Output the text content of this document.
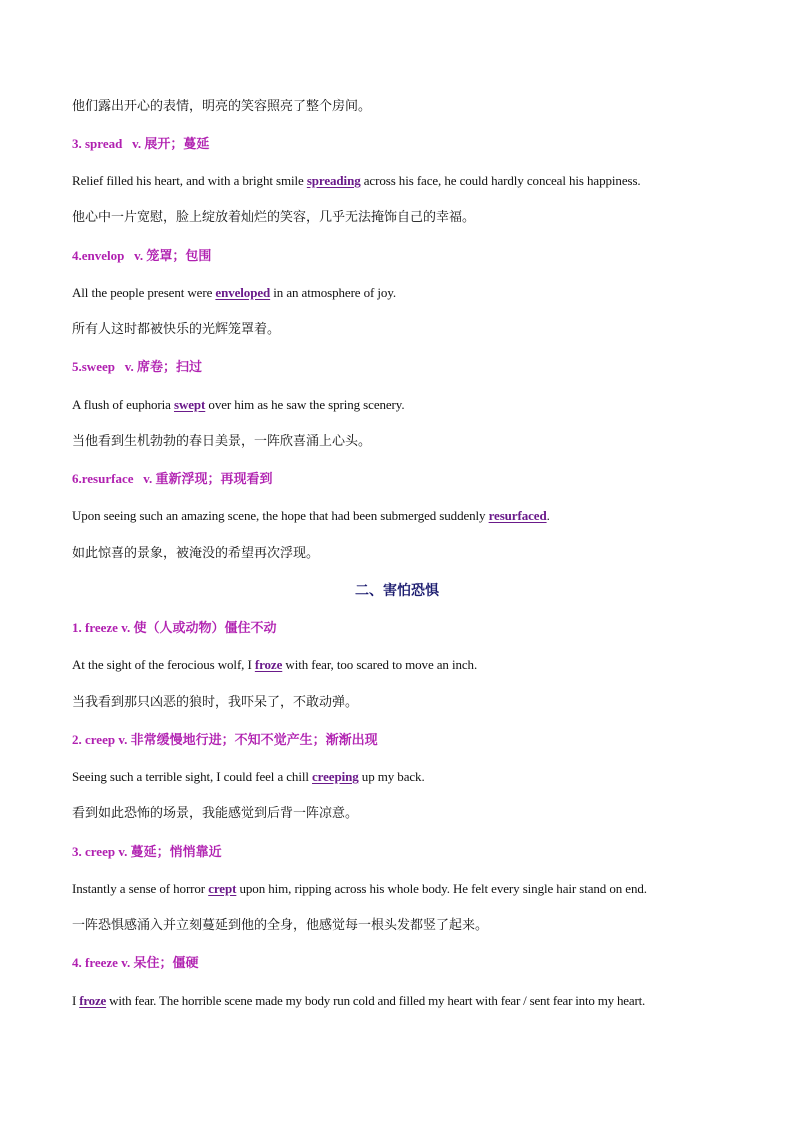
他们露出开心的表情，明亮的笑容照亮了整个房间。
3. spread v. 展开；蔓延
Relief filled his heart, and with a bright smile spreading across his face, he could hardly conceal his happiness.
他心中一片宽慰，脸上绽放着灿烂的笑容，几乎无法掩饰自己的幸福。
4.envelop v. 笼罩；包围
All the people present were enveloped in an atmosphere of joy.
所有人这时都被快乐的光辉笼罩着。
5.sweep v. 席卷；扫过
A flush of euphoria swept over him as he saw the spring scenery.
当他看到生机勃勃的春日美景，一阵欣喜涌上心头。
6.resurface v. 重新浮现；再现看到
Upon seeing such an amazing scene, the hope that had been submerged suddenly resurfaced.
如此惊喜的景象，被淹没的希望再次浮现。
二、害怕恐惧
1. freeze v. 使（人或动物）僵住不动
At the sight of the ferocious wolf, I froze with fear, too scared to move an inch.
当我看到那只凶恶的狼时，我吓呆了，不敢动弹。
2. creep v. 非常缓慢地行进；不知不觉产生；渐渐出现
Seeing such a terrible sight, I could feel a chill creeping up my back.
看到如此恐怖的场景，我能感觉到后背一阵凉意。
3. creep v. 蔓延；悄悄靠近
Instantly a sense of horror crept upon him, ripping across his whole body. He felt every single hair stand on end.
一阵恐惧感涌入并立刻蔓延到他的全身，他感觉每一根头发都竖了起来。
4. freeze v. 呆住；僵硬
I froze with fear. The horrible scene made my body run cold and filled my heart with fear / sent fear into my heart.
